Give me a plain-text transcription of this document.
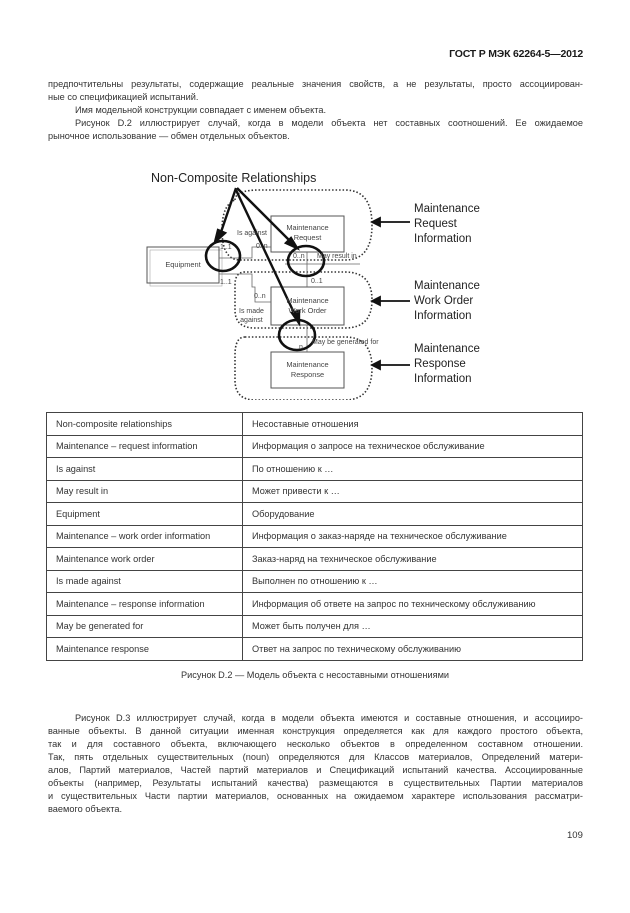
ГОСТ Р МЭК 62264-5—2012
предпочтительны результаты, содержащие реальные значения свойств, а не результаты, просто ассоциирован-
ные со спецификацией испытаний.
Имя модельной конструкции совпадает с именем объекта.
Рисунок D.2 иллюстрирует случай, когда в модели объекта нет составных соотношений. Ее ожидаемое
рыночное использование — обмен отдельных объектов.
Non-Composite Relationships
Equipment
Maintenance
Request
Maintenance
Work Order
Maintenance
Response
Is against
May result in
Is made
against
May be generated for
1..1	0..n
0..n
0..1
1..1
0..n
n
Maintenance
Request
Information
Maintenance
Work Order
Information
Maintenance
Response
Information
Non-composite relationships	Несоставные отношения
Maintenance – request information	Информация о запросе на техническое обслуживание
Is against	По отношению к …
May result in	Может привести к …
Equipment	Оборудование
Maintenance – work order information	Информация о заказ-наряде на техническое обслуживание
Maintenance work order	Заказ-наряд на техническое обслуживание
Is made against	Выполнен по отношению к …
Maintenance – response information	Информация об ответе на запрос по техническому обслуживанию
May be generated for	Может быть получен для …
Maintenance response	Ответ на запрос по техническому обслуживанию
Рисунок D.2 — Модель объекта с несоставными отношениями
Рисунок D.3 иллюстрирует случай, когда в модели объекта имеются и составные отношения, и ассоцииро-
ванные объекты. В данной ситуации именная конструкция определяется как для каждого простого объекта,
так и для составного объекта, включающего несколько объектов в определенном составном отношении.
Так, пять отдельных существительных (noun) определяются для Классов материалов, Определений матери-
алов, Партий материалов, Частей партий материалов и Спецификаций испытаний качества. Ассоциированные
объекты (например, Результаты испытаний качества) размещаются в существительных Партии материалов
и существительных Части партии материалов, основанных на ожидаемом характере использования рассматри-
ваемого объекта.
109
